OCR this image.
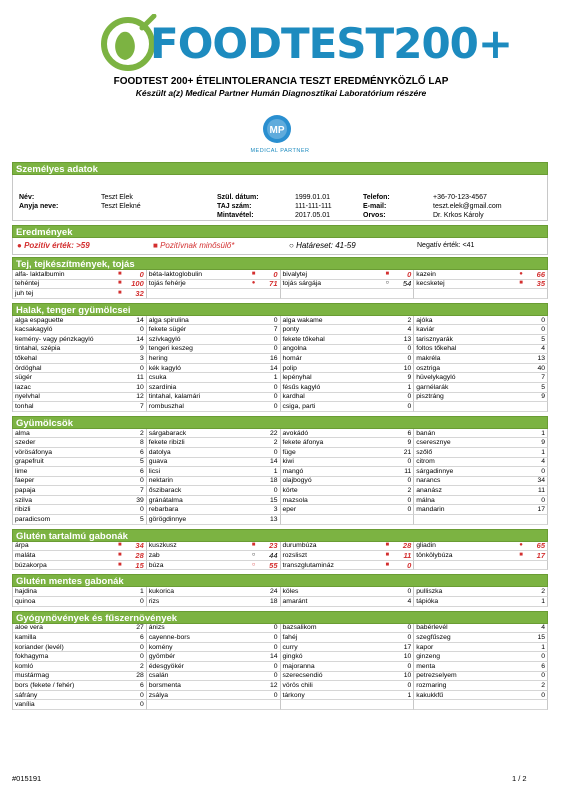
FOODTEST200+
FOODTEST 200+ ÉTELINTOLERANCIA TESZT EREDMÉNYKÖZLŐ LAP
Készült a(z) Medical Partner Humán Diagnosztikai Laboratórium részére
MP
MEDICAL PARTNER
Személyes adatok
Név:	Teszt Elek	Szül. dátum:	1999.01.01	Telefon:	+36-70-123-4567
Anyja neve:	Teszt Elekné	TAJ szám:	111-111-111	E-mail:	teszt.elek@gmail.com
Mintavétel:	2017.05.01	Orvos:	Dr. Krkos Károly
Eredmények
● Pozitív érték: >59	■ Pozitívnak minősülő*	○ Határeset: 41-59	Negatív érték: <41
Tej, tejkészítmények, tojás
alfa- laktalbumin	■	0 béta-laktoglobulin	■	0 bivalytej	■	0 kazein	●	66
tehéntej	■	100 tojás fehérje	●	71 tojás sárgája	○	54 kecsketej	■	35
juh tej	■	32
Halak, tenger gyümölcsei
alga espaguette	14 alga spirulina	0 alga wakame	2 ajóka	0
kacsakagyló	0 fekete sügér	7 ponty	4 kaviár	0
kemény- vagy pénzkagyló	14 szívkagyló	0 fekete tőkehal	13 tarisznyarák	5
tintahal, szépia	9 tengeri keszeg	0 angolna	0 foltos tőkehal	4
tőkehal	3 hering	16 homár	0 makréla	13
ördöghal	0 kék kagyló	14 polip	10 osztriga	40
sügér	11 csuka	1 lepényhal	9 hüvelykagyló	7
lazac	10 szardínia	0 fésűs kagyló	1 garnélarák	5
nyelvhal	12 tintahal, kalamári	0 kardhal	0 pisztráng	9
tonhal	7 rombuszhal	0 csiga, parti	0
Gyümölcsök
alma	2 sárgabarack	22 avokádó	6 banán	1
szeder	8 fekete ribizli	2 fekete áfonya	9 cseresznye	9
vörösáfonya	6 datolya	0 füge	21 szőlő	1
grapefruit	5 guava	14 kiwi	0 citrom	4
lime	6 licsi	1 mangó	11 sárgadinnye	0
faeper	0 nektarin	18 olajbogyó	0 narancs	34
papaja	7 őszibarack	0 körte	2 ananász	11
szilva	39 gránátalma	15 mazsola	0 málna	0
ribizli	0 rebarbara	3 eper	0 mandarin	17
paradicsom	5 görögdinnye	13
Glutén tartalmú gabonák
árpa	■	34 kuszkusz	■	23 durumbúza	■	28 gliadin	●	65
maláta	■	28 zab	○	44 rozsliszt	■	11 tönkölybúza	■	17
búzakorpa	■	15 búza	○	55 transzglutamináz	■	0
Glutén mentes gabonák
hajdina	1 kukorica	24 köles	0 pulliszka	2
quinoa	0 rizs	18 amaránt	4 tápióka	1
Gyógynövények és fűszernövények
aloe vera	27 ánizs	0 bazsalikom	0 babérlevél	4
kamilla	6 cayenne-bors	0 fahéj	0 szegfűszeg	15
koriander (levél)	0 komény	0 curry	17 kapor	1
fokhagyma	0 gyömbér	14 gingkó	10 ginzeng	0
komló	2 édesgyökér	0 majoranna	0 menta	6
mustármag	28 csalán	0 szerecsendió	10 petrezselyem	0
bors (fekete / fehér)	6 borsmenta	12 vörös chili	0 rozmaring	2
sáfrány	0 zsálya	0 tárkony	1 kakukkfű	0
vanília	0
#015191	1 / 2
